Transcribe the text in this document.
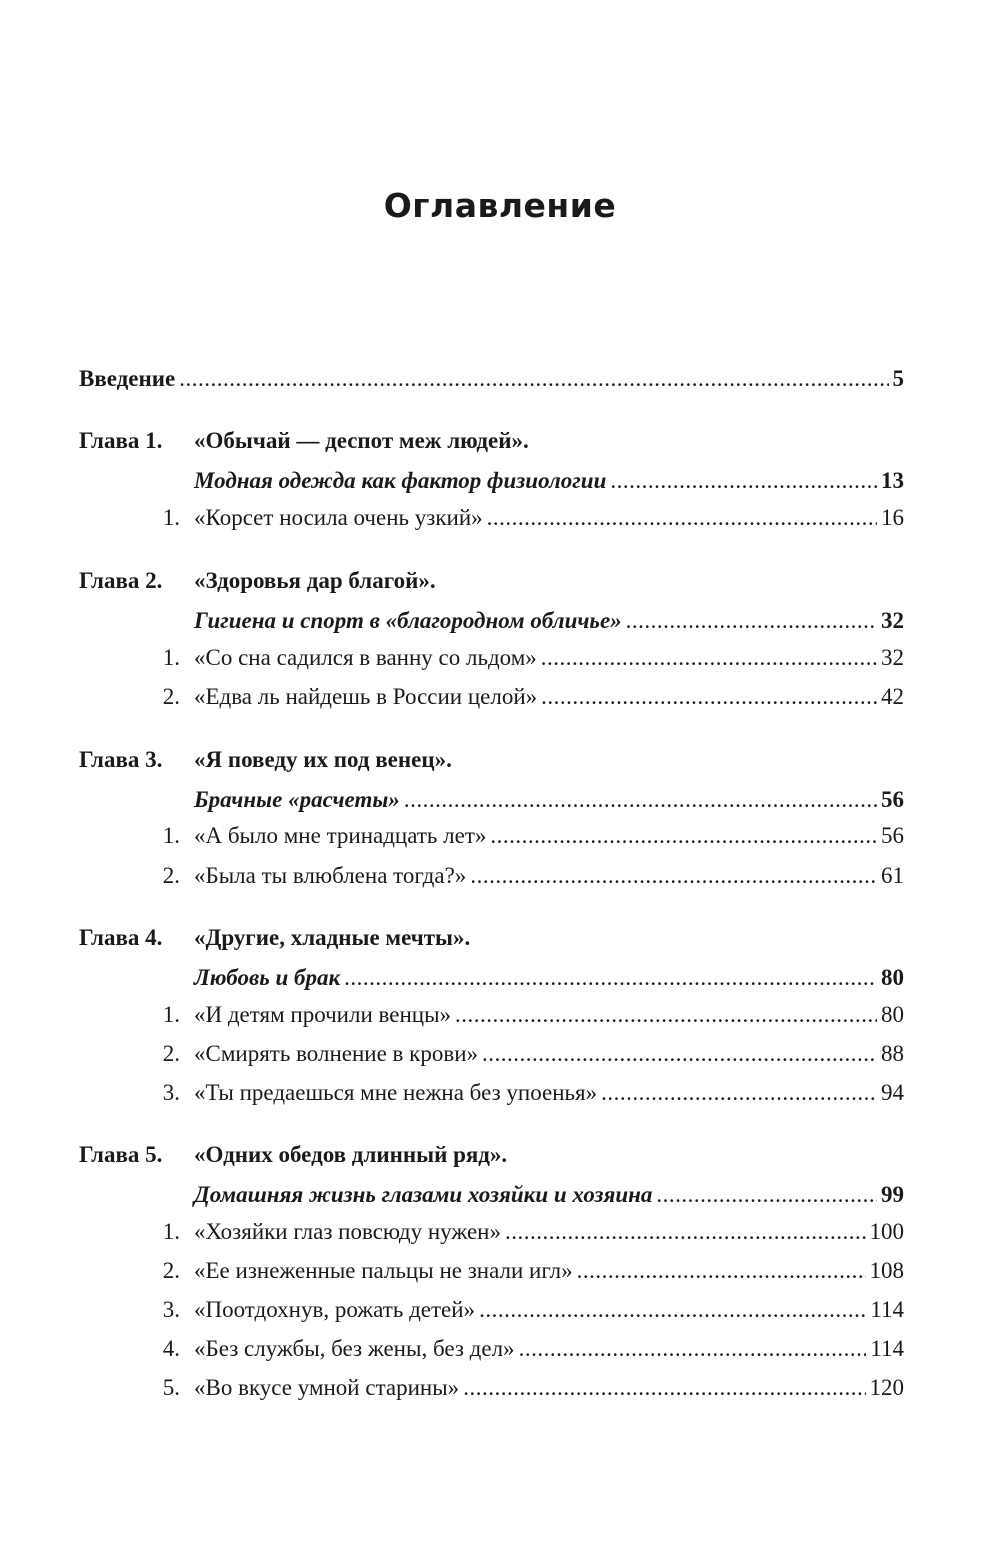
Оглавление
Введение .....	5
Глава 1. «Обычай — деспот меж людей».
Модная одежда как фактор физиологии .....	13
1. «Корсет носила очень узкий» .....	16
Глава 2. «Здоровья дар благой».
Гигиена и спорт в «благородном обличье» .....	32
1. «Со сна садился в ванну со льдом» .....	32
2. «Едва ль найдешь в России целой» .....	42
Глава 3. «Я поведу их под венец».
Брачные «расчеты» .....	56
1. «А было мне тринадцать лет» .....	56
2. «Была ты влюблена тогда?» .....	61
Глава 4. «Другие, хладные мечты».
Любовь и брак .....	80
1. «И детям прочили венцы» .....	80
2. «Смирять волнение в крови» .....	88
3. «Ты предаешься мне нежна без упоенья» .....	94
Глава 5. «Одних обедов длинный ряд».
Домашняя жизнь глазами хозяйки и хозяина .....	99
1. «Хозяйки глаз повсюду нужен» .....	100
2. «Ее изнеженные пальцы не знали игл» .....	108
3. «Поотдохнув, рожать детей» .....	114
4. «Без службы, без жены, без дел» .....	114
5. «Во вкусе умной старины» .....	120
